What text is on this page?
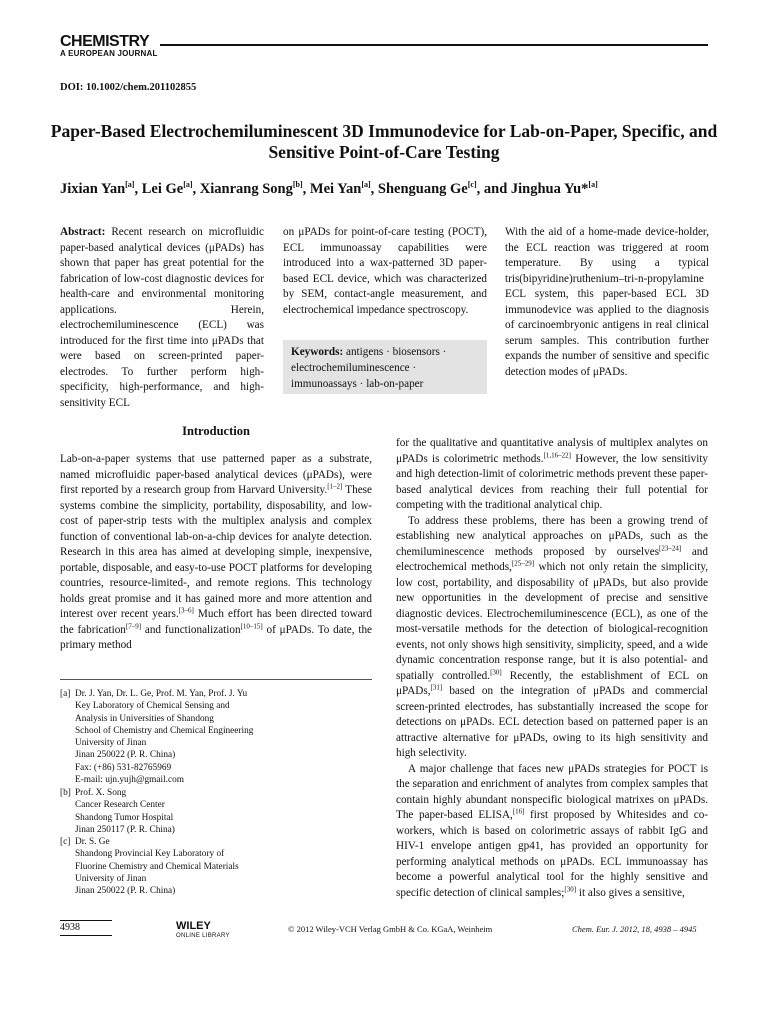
CHEMISTRY
A EUROPEAN JOURNAL
DOI: 10.1002/chem.201102855
Paper-Based Electrochemiluminescent 3D Immunodevice for Lab-on-Paper, Specific, and Sensitive Point-of-Care Testing
Jixian Yan[a], Lei Ge[a], Xianrang Song[b], Mei Yan[a], Shenguang Ge[c], and Jinghua Yu*[a]

Abstract: Recent research on microfluidic paper-based analytical devices (μPADs) has shown that paper has great potential for the fabrication of low-cost diagnostic devices for health-care and environmental monitoring applications. Herein, electrochemiluminescence (ECL) was introduced for the first time into μPADs that were based on screen-printed paper-electrodes. To further perform high-specificity, high-performance, and high-sensitivity ECL

on μPADs for point-of-care testing (POCT), ECL immunoassay capabilities were introduced into a wax-patterned 3D paper-based ECL device, which was characterized by SEM, contact-angle measurement, and electrochemical impedance spectroscopy.

Keywords: antigens · biosensors · electrochemiluminescence · immunoassays · lab-on-paper

With the aid of a home-made device-holder, the ECL reaction was triggered at room temperature. By using a typical tris(bipyridine)ruthenium–tri-n-propylamine ECL system, this paper-based ECL 3D immunodevice was applied to the diagnosis of carcinoembryonic antigens in real clinical serum samples. This contribution further expands the number of sensitive and specific detection modes of μPADs.

Introduction

Lab-on-a-paper systems that use patterned paper as a substrate, named microfluidic paper-based analytical devices (μPADs), were first reported by a research group from Harvard University.[1–2] These systems combine the simplicity, portability, disposability, and low-cost of paper-strip tests with the multiplex analysis and complex function of conventional lab-on-a-chip devices for analyte detection. Research in this area has aimed at developing simple, inexpensive, portable, disposable, and easy-to-use POCT platforms for developing countries, resource-limited-, and remote regions. This technology holds great promise and it has gained more and more attention and interest over recent years.[3–6] Much effort has been directed toward the fabrication[7–9] and functionalization[10–15] of μPADs. To date, the primary method

for the qualitative and quantitative analysis of multiplex analytes on μPADs is colorimetric methods.[1,16–22] However, the low sensitivity and high detection-limit of colorimetric methods prevent these paper-based analytical devices from reaching their full potential for competing with the traditional analytical chip.

To address these problems, there has been a growing trend of establishing new analytical approaches on μPADs, such as the chemiluminescence methods proposed by ourselves[23–24] and electrochemical methods,[25–29] which not only retain the simplicity, low cost, portability, and disposability of μPADs, but also provide new opportunities in the development of precise and sensitive diagnostic devices. Electrochemiluminescence (ECL), as one of the most-versatile methods for the detection of biological-recognition events, not only shows high sensitivity, simplicity, speed, and a wide dynamic concentration response range, but it is also potential- and spatially controlled.[30] Recently, the establishment of ECL on μPADs,[31] based on the integration of μPADs and commercial screen-printed electrodes, has substantially increased the scope for detections on μPADs. ECL detection based on patterned paper is an attractive alternative for μPADs, owing to its high sensitivity and high selectivity.

A major challenge that faces new μPADs strategies for POCT is the separation and enrichment of analytes from complex samples that contain highly abundant nonspecific biological matrixes on μPADs. The paper-based ELISA,[16] first proposed by Whitesides and co-workers, which is based on colorimetric assays of rabbit IgG and HIV-1 envelope antigen gp41, has provided an opportunity for performing analytical methods on μPADs. ECL immunoassay has become a powerful analytical tool for the highly sensitive and specific detection of clinical samples;[30] it also gives a sensitive,

[a] Dr. J. Yan, Dr. L. Ge, Prof. M. Yan, Prof. J. Yu
Key Laboratory of Chemical Sensing and
Analysis in Universities of Shandong
School of Chemistry and Chemical Engineering
University of Jinan
Jinan 250022 (P. R. China)
Fax: (+86) 531-82765969
E-mail: ujn.yujh@gmail.com
[b] Prof. X. Song
Cancer Research Center
Shandong Tumor Hospital
Jinan 250117 (P. R. China)
[c] Dr. S. Ge
Shandong Provincial Key Laboratory of
Fluorine Chemistry and Chemical Materials
University of Jinan
Jinan 250022 (P. R. China)
4938	WILEY
ONLINE LIBRARY
© 2012 Wiley-VCH Verlag GmbH & Co. KGaA, Weinheim	Chem. Eur. J. 2012, 18, 4938 – 4945
